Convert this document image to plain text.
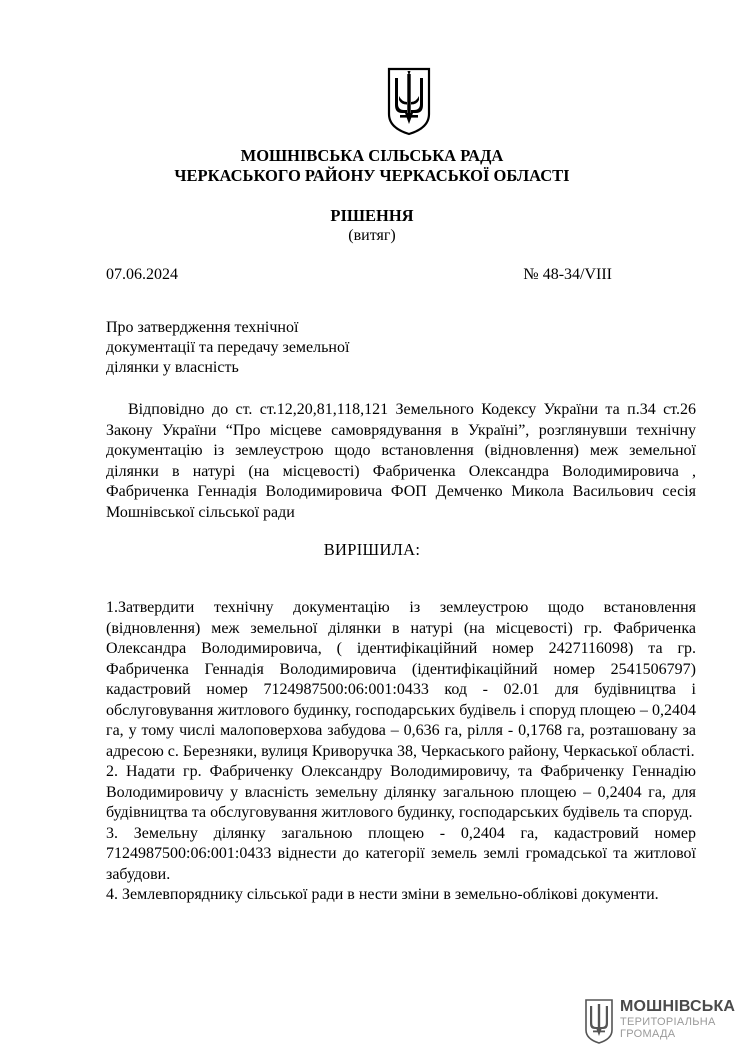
МОШНІВСЬКА СІЛЬСЬКА РАДА
ЧЕРКАСЬКОГО РАЙОНУ ЧЕРКАСЬКОЇ ОБЛАСТІ
РІШЕННЯ
(витяг)
07.06.2024	№ 48-34/VIII
Про затвердження технічної
документації та передачу земельної
ділянки у власність
Відповідно до ст. ст.12,20,81,118,121 Земельного Кодексу України та п.34 ст.26 Закону України “Про місцеве самоврядування в Україні”, розглянувши технічну документацію із землеустрою щодо встановлення (відновлення) меж земельної ділянки в натурі (на місцевості) Фабриченка Олександра Володимировича , Фабриченка Геннадія Володимировича ФОП Демченко Микола Васильович сесія Мошнівської сільської ради
ВИРІШИЛА:

1.Затвердити технічну документацію із землеустрою щодо встановлення (відновлення) меж земельної ділянки в натурі (на місцевості) гр. Фабриченка Олександра Володимировича, ( ідентифікаційний номер 2427116098) та гр. Фабриченка Геннадія Володимировича (ідентифікаційний номер 2541506797) кадастровий номер 7124987500:06:001:0433 код - 02.01 для будівництва і обслуговування житлового будинку, господарських будівель і споруд площею – 0,2404 га, у тому числі малоповерхова забудова – 0,636 га, рілля - 0,1768 га, розташовану за адресою с. Березняки, вулиця Криворучка 38, Черкаського району, Черкаської області.

2. Надати гр. Фабриченку Олександру Володимировичу, та Фабриченку Геннадію Володимировичу у власність земельну ділянку загальною площею – 0,2404 га, для будівництва та обслуговування житлового будинку, господарських будівель та споруд.

3. Земельну ділянку загальною площею - 0,2404 га, кадастровий номер 7124987500:06:001:0433 віднести до категорії земель землі громадської та житлової забудови.

4. Землевпорядникy сільської ради в нести зміни в земельно-облікові документи.

МОШНІВСЬКА
ТЕРИТОРІАЛЬНА
ГРОМАДА
